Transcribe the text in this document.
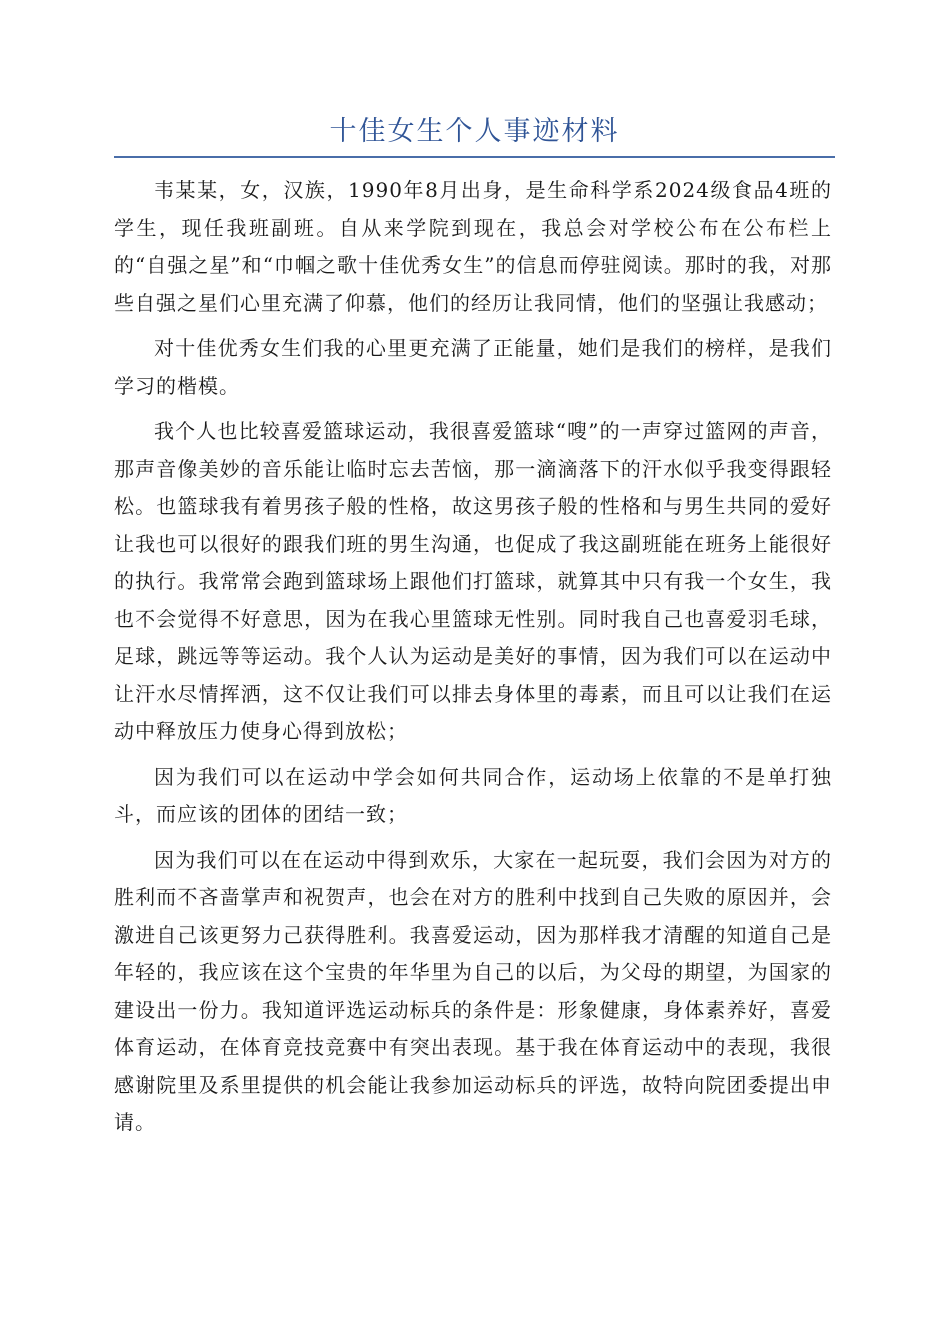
十佳女生个人事迹材料

韦某某，女，汉族，1990年8月出身，是生命科学系2024级食品4班的学生，现任我班副班。自从来学院到现在，我总会对学校公布在公布栏上的“自强之星”和“巾帼之歌十佳优秀女生”的信息而停驻阅读。那时的我，对那些自强之星们心里充满了仰慕，他们的经历让我同情，他们的坚强让我感动；

对十佳优秀女生们我的心里更充满了正能量，她们是我们的榜样，是我们学习的楷模。

我个人也比较喜爱篮球运动，我很喜爱篮球“嗖”的一声穿过篮网的声音，那声音像美妙的音乐能让临时忘去苦恼，那一滴滴落下的汗水似乎我变得跟轻松。也篮球我有着男孩子般的性格，故这男孩子般的性格和与男生共同的爱好让我也可以很好的跟我们班的男生沟通，也促成了我这副班能在班务上能很好的执行。我常常会跑到篮球场上跟他们打篮球，就算其中只有我一个女生，我也不会觉得不好意思，因为在我心里篮球无性别。同时我自己也喜爱羽毛球，足球，跳远等等运动。我个人认为运动是美好的事情，因为我们可以在运动中让汗水尽情挥洒，这不仅让我们可以排去身体里的毒素，而且可以让我们在运动中释放压力使身心得到放松；

因为我们可以在运动中学会如何共同合作，运动场上依靠的不是单打独斗，而应该的团体的团结一致；

因为我们可以在在运动中得到欢乐，大家在一起玩耍，我们会因为对方的胜利而不吝啬掌声和祝贺声，也会在对方的胜利中找到自己失败的原因并，会激进自己该更努力己获得胜利。我喜爱运动，因为那样我才清醒的知道自己是年轻的，我应该在这个宝贵的年华里为自己的以后，为父母的期望，为国家的建设出一份力。我知道评选运动标兵的条件是：形象健康，身体素养好，喜爱体育运动，在体育竞技竞赛中有突出表现。基于我在体育运动中的表现，我很感谢院里及系里提供的机会能让我参加运动标兵的评选，故特向院团委提出申请。
